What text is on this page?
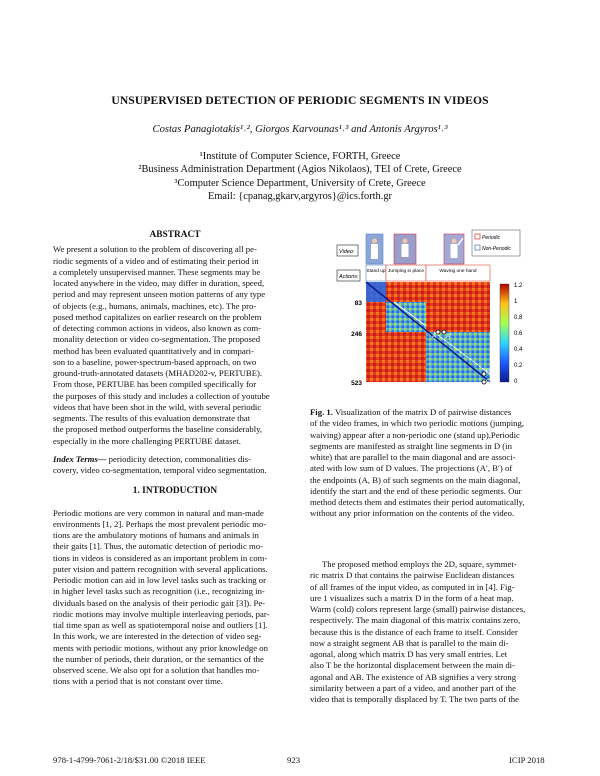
UNSUPERVISED DETECTION OF PERIODIC SEGMENTS IN VIDEOS
Costas Panagiotakis¹˒², Giorgos Karvounas¹˒³ and Antonis Argyros¹˒³
¹Institute of Computer Science, FORTH, Greece
²Business Administration Department (Agios Nikolaos), TEI of Crete, Greece
³Computer Science Department, University of Crete, Greece
Email: {cpanag,gkarv,argyros}@ics.forth.gr
ABSTRACT
We present a solution to the problem of discovering all pe-
riodic segments of a video and of estimating their period in
a completely unsupervised manner. These segments may be
located anywhere in the video, may differ in duration, speed,
period and may represent unseen motion patterns of any type
of objects (e.g., humans, animals, machines, etc). The pro-
posed method capitalizes on earlier research on the problem
of detecting common actions in videos, also known as com-
monality detection or video co-segmentation. The proposed
method has been evaluated quantitatively and in compari-
son to a baseline, power-spectrum-based approach, on two
ground-truth-annotated datasets (MHAD202-v, PERTUBE).
From those, PERTUBE has been compiled specifically for
the purposes of this study and includes a collection of youtube
videos that have been shot in the wild, with several periodic
segments. The results of this evaluation demonstrate that
the proposed method outperforms the baseline considerably,
especially in the more challenging PERTUBE dataset.
Index Terms— periodicity detection, commonalities dis-
covery, video co-segmentation, temporal video segmentation.
1. INTRODUCTION
Periodic motions are very common in natural and man-made
environments [1, 2]. Perhaps the most prevalent periodic mo-
tions are the ambulatory motions of humans and animals in
their gaits [1]. Thus, the automatic detection of periodic mo-
tions in videos is considered as an important problem in com-
puter vision and pattern recognition with several applications.
Periodic motion can aid in low level tasks such as tracking or
in higher level tasks such as recognition (i.e., recognizing in-
dividuals based on the analysis of their periodic gait [3]). Pe-
riodic motions may involve multiple interleaving periods, par-
tial time span as well as spatiotemporal noise and outliers [1].
In this work, we are interested in the detection of video seg-
ments with periodic motions, without any prior knowledge on
the number of periods, their duration, or the semantics of the
observed scene. We also opt for a solution that handles mo-
tions with a period that is not constant over time.
Video:
Periodic
Non-Periodic
Actions:
Stand up Jumping in place	Waving one hand
A A′
B
B′
83
246
523
1.2
1
0.8
0.6
0.4
0.2
0
Fig. 1. Visualization of the matrix D of pairwise distances
of the video frames, in which two periodic motions (jumping,
waiving) appear after a non-periodic one (stand up).Periodic
segments are manifested as straight line segments in D (in
white) that are parallel to the main diagonal and are associ-
ated with low sum of D values. The projections (A′, B′) of
the endpoints (A, B) of such segments on the main diagonal,
identify the start and the end of these periodic segments. Our
method detects them and estimates their period automatically,
without any prior information on the contents of the video.
The proposed method employs the 2D, square, symmet-
ric matrix D that contains the pairwise Euclidean distances
of all frames of the input video, as computed in in [4]. Fig-
ure 1 visualizes such a matrix D in the form of a heat map.
Warm (cold) colors represent large (small) pairwise distances,
respectively. The main diagonal of this matrix contains zero,
because this is the distance of each frame to itself. Consider
now a straight segment AB that is parallel to the main di-
agonal, along which matrix D has very small entries. Let
also T be the horizontal displacement between the main di-
agonal and AB. The existence of AB signifies a very strong
similarity between a part of a video, and another part of the
video that is temporally displaced by T. The two parts of the
978-1-4799-7061-2/18/$31.00 ©2018 IEEE	923	ICIP 2018
